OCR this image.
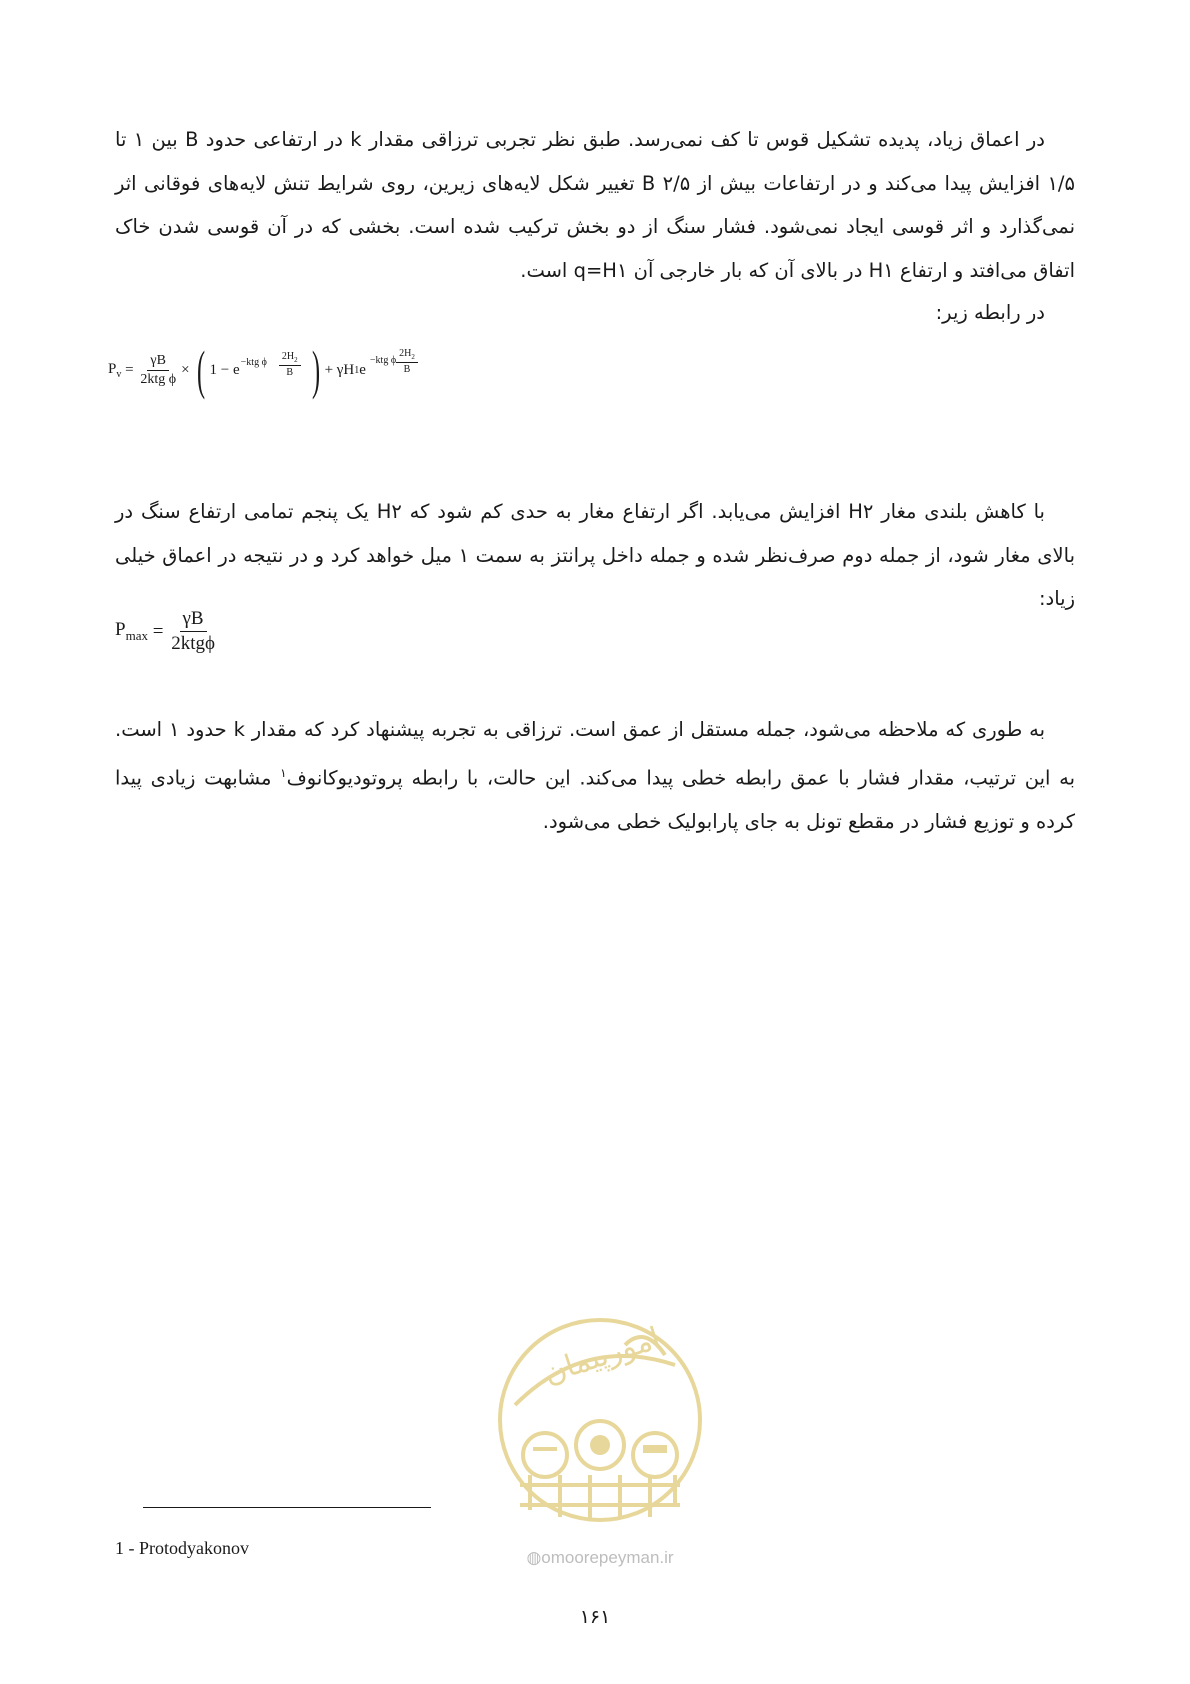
در اعماق زیاد، پدیده تشکیل قوس تا کف نمی‌رسد. طبق نظر تجربی ترزاقی مقدار k در ارتفاعی حدود B بین ۱ تا ۱/۵ افزایش پیدا می‌کند و در ارتفاعات بیش از B ۲/۵ تغییر شکل لایه‌های زیرین، روی شرایط تنش لایه‌های فوقانی اثر نمی‌گذارد و اثر قوسی ایجاد نمی‌شود. فشار سنگ از دو بخش ترکیب شده است. بخشی که در آن قوسی شدن خاک اتفاق می‌افتد و ارتفاع H۱ در بالای آن که بار خارجی آن q=H۱ است.
در رابطه زیر:
$P_v = \frac{\gamma B}{\text{2ktg ϕ}}$ × ( $1 - e^{-ktg \phi} \frac{2H_2}{B}$ ) + γH 1 e
$^{-ktg \phi} \frac{2H_2}{B}$
با کاهش بلندی مغار H۲ افزایش می‌یابد. اگر ارتفاع مغار به حدی کم شود که H۲ یک پنجم تمامی ارتفاع سنگ در بالای مغار شود، از جمله دوم صرف‌نظر شده و جمله داخل پرانتز به سمت ۱ میل خواهد کرد و در نتیجه در اعماق خیلی زیاد:
$P_{max} = \frac{\gamma B}{\text{2ktgϕ}}$
به طوری که ملاحظه می‌شود، جمله مستقل از عمق است. ترزاقی به تجربه پیشنهاد کرد که مقدار k حدود ۱ است. به این ترتیب، مقدار فشار با عمق رابطه خطی پیدا می‌کند. این حالت، با رابطه پروتودیوکانوف$^۱$ مشابهت زیادی پیدا کرده و توزیع فشار در مقطع تونل به جای پارابولیک خطی می‌شود.
امورپیمان
◍omoorepeyman.ir
1 - Protodyakonov
۱۶۱
